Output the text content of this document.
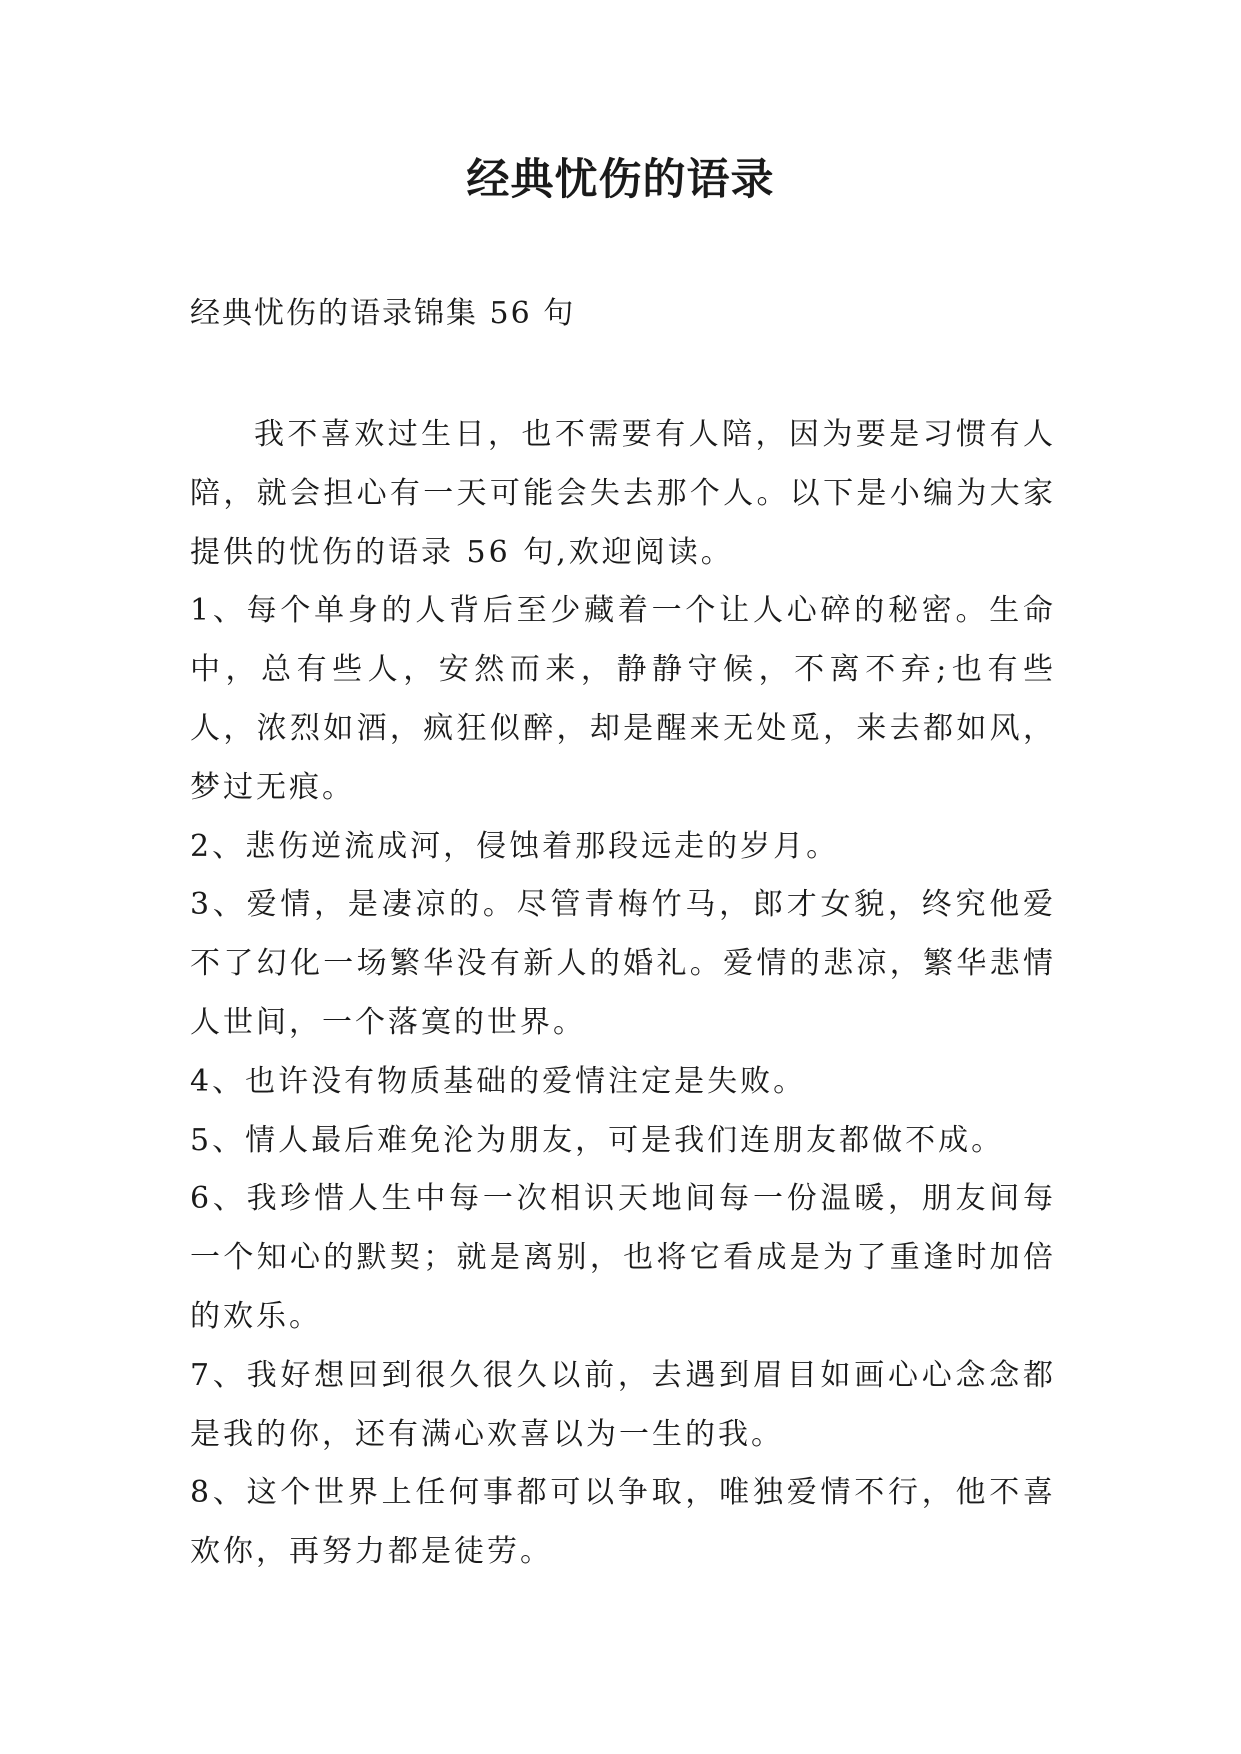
经典忧伤的语录

经典忧伤的语录锦集 56 句

我不喜欢过生日，也不需要有人陪，因为要是习惯有人陪，就会担心有一天可能会失去那个人。以下是小编为大家提供的忧伤的语录 56 句,欢迎阅读。

1、每个单身的人背后至少藏着一个让人心碎的秘密。生命中，总有些人，安然而来，静静守候，不离不弃;也有些人，浓烈如酒，疯狂似醉，却是醒来无处觅，来去都如风，梦过无痕。

2、悲伤逆流成河，侵蚀着那段远走的岁月。

3、爱情，是凄凉的。尽管青梅竹马，郎才女貌，终究他爱不了幻化一场繁华没有新人的婚礼。爱情的悲凉，繁华悲情人世间，一个落寞的世界。

4、也许没有物质基础的爱情注定是失败。

5、情人最后难免沦为朋友，可是我们连朋友都做不成。

6、我珍惜人生中每一次相识天地间每一份温暖，朋友间每一个知心的默契；就是离别，也将它看成是为了重逢时加倍的欢乐。

7、我好想回到很久很久以前，去遇到眉目如画心心念念都是我的你，还有满心欢喜以为一生的我。

8、这个世界上任何事都可以争取，唯独爱情不行，他不喜欢你，再努力都是徒劳。
